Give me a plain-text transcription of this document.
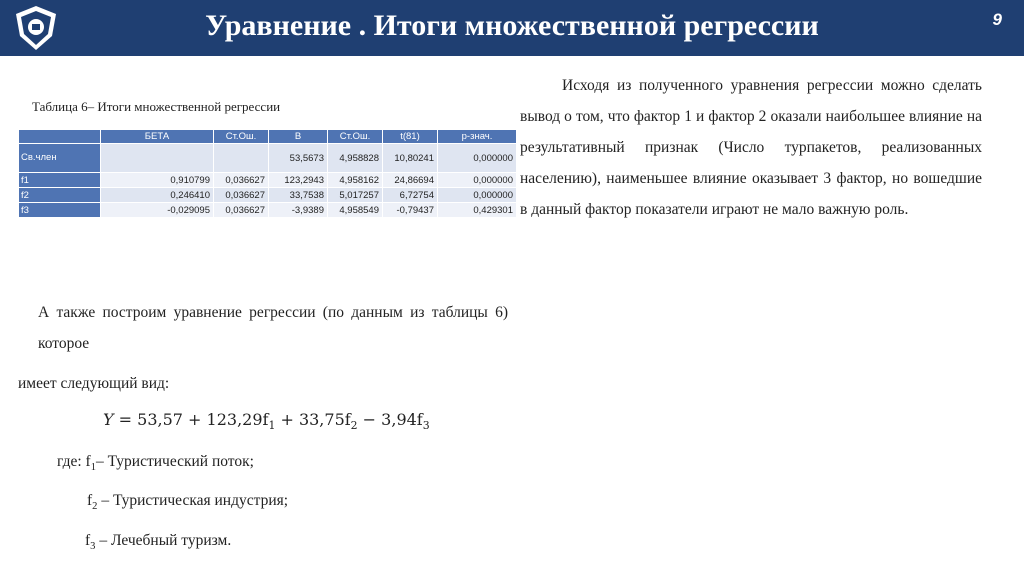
Уравнение . Итоги множественной регрессии	9
Таблица 6– Итоги множественной регрессии
	БЕТА	Ст.Ош.	B	Ст.Ош.	t(81)	p-знач.
Св.член			53,5673	4,958828	10,80241	0,000000
f1	0,910799	0,036627	123,2943	4,958162	24,86694	0,000000
f2	0,246410	0,036627	33,7538	5,017257	6,72754	0,000000
f3	-0,029095	0,036627	-3,9389	4,958549	-0,79437	0,429301
Исходя из полученного уравнения регрессии можно сделать вывод о том, что фактор 1 и фактор 2 оказали наибольшее влияние на результативный признак (Число турпакетов, реализованных населению), наименьшее влияние оказывает 3 фактор, но вошедшие в данный фактор показатели играют не мало важную роль.
А также построим уравнение регрессии (по данным из таблицы 6) которое
имеет следующий вид:
$Y = 53,57 + 123,29f_1 + 33,75f_2 - 3,94f_3$
где: $f_1-$ Туристический поток;
$f_2$ – Туристическая индустрия;
$f_3$ – Лечебный туризм.
